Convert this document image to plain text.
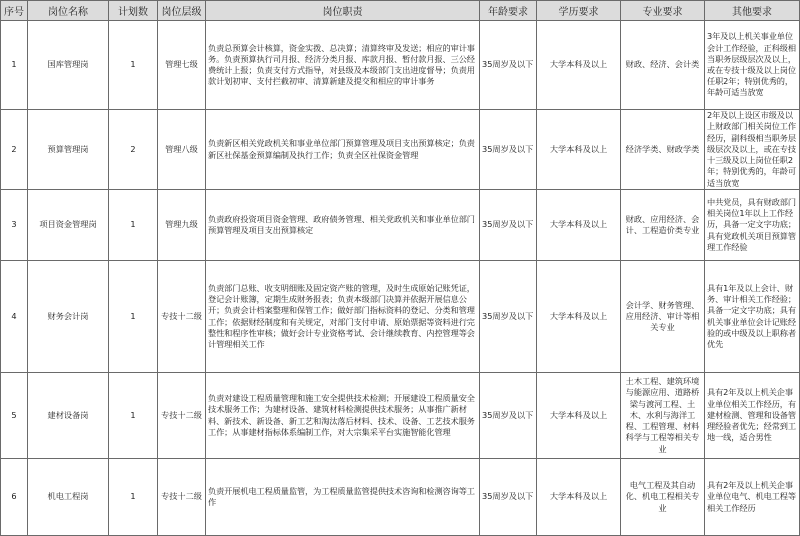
序号	岗位名称	计划数	岗位层级	岗位职责	年龄要求	学历要求	专业要求	其他要求
1	国库管理岗	1	管理七级	负责总预算会计核算，资金实拨、总决算；清算终审及发送；相应的审计事务。负责预算执行司月报、经济分类月报、库款月报、暂付款月报、三公经费统计上报；负责支付方式指导，对县级及本级部门支出进度督导；负责用款计划初审、支付拦截初审、清算新建及提交和相应的审计事务	35周岁及以下	大学本科及以上	财政、经济、会计类	3年及以上机关事业单位会计工作经验，正科级相当职务层级层次及以上，或在专技十级及以上岗位任职2年；特别优秀的，年龄可适当放宽
2	预算管理岗	2	管理八级	负责新区相关党政机关和事业单位部门预算管理及项目支出预算核定；负责新区社保基金预算编制及执行工作；负责全区社保资金管理	35周岁及以下	大学本科及以上	经济学类、财政学类	2年及以上设区市级及以上财政部门相关岗位工作经历，副科级相当职务层级层次及以上，或在专技十三级及以上岗位任职2年；特别优秀的，年龄可适当放宽
3	项目资金管理岗	1	管理九级	负责政府投资项目资金管理、政府债务管理、相关党政机关和事业单位部门预算管理及项目支出预算核定	35周岁及以下	大学本科及以上	财政、应用经济、会计、工程造价类专业	中共党员，具有财政部门相关岗位1年以上工作经历，具备一定文字功底；具有党政机关项目预算管理工作经验
4	财务会计岗	1	专技十二级	负责部门总账、收支明细账及固定资产账的管理，及时生成原始记账凭证，登记会计账簿，定期生成财务报表；负责本级部门决算并依据开展信息公开；负责会计档案整理和保管工作；做好部门指标资料的登记、分类和管理工作；依据财经制度和有关规定，对部门支付申请、原始票据等资料进行完整性和程序性审核；做好会计专业资格考试、会计继续教育、内控管理等会计管理相关工作	35周岁及以下	大学本科及以上	会计学、财务管理、应用经济、审计等相关专业	具有1年及以上会计、财务、审计相关工作经验；具备一定文字功底；具有机关事业单位会计记账经验的或中级及以上职称者优先
5	建材设备岗	1	专技十二级	负责对建设工程质量管理和施工安全提供技术检测；开展建设工程质量安全技术服务工作；为建材设备、建筑材料检测提供技术服务；从事推广新材料、新技术、新设备、新工艺和淘汰落后材料、技术、设备、工艺技术服务工作；从事建材指标体系编制工作，对大宗集采平台实施智能化管理	35周岁及以下	大学本科及以上	土木工程、建筑环境与能源应用、道路桥梁与渡河工程、土木、水利与海洋工程、工程管理、材料科学与工程等相关专业	具有2年及以上机关企事业单位相关工作经历，有建材检测、管理和设备管理经验者优先；经常到工地一线，适合男性
6	机电工程岗	1	专技十二级	负责开展机电工程质量监管，为工程质量监管提供技术咨询和检测咨询等工作	35周岁及以下	大学本科及以上	电气工程及其自动化、机电工程相关专业	具有2年及以上机关企事业单位电气、机电工程等相关工作经历
